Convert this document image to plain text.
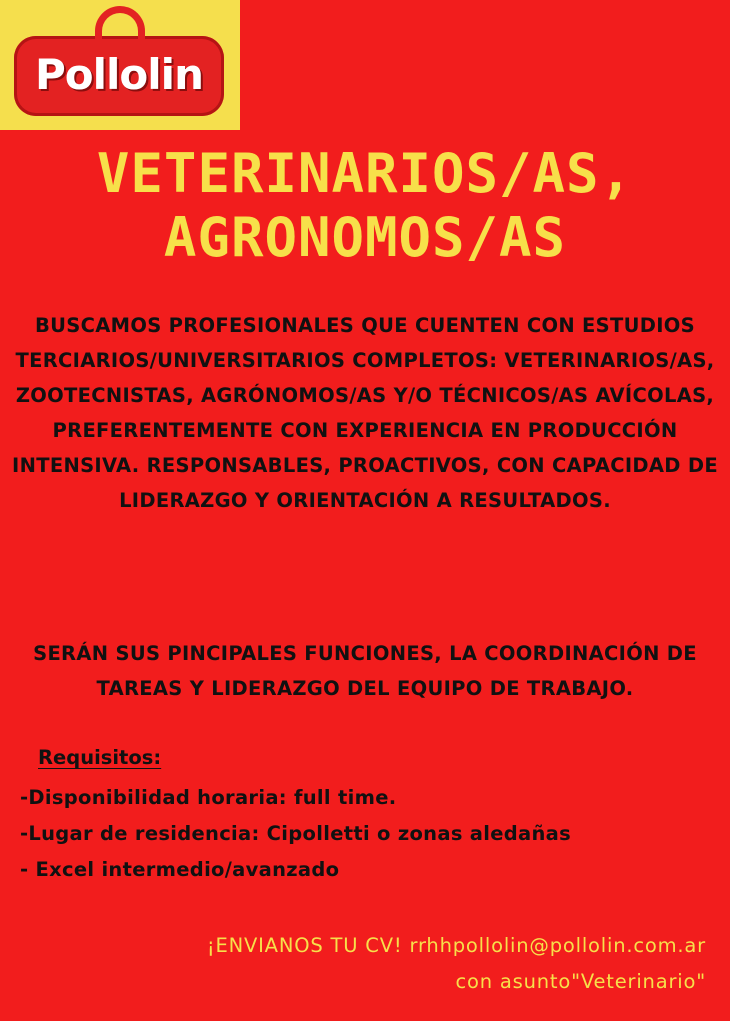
Pollolin
VETERINARIOS/AS,
AGRONOMOS/AS
BUSCAMOS PROFESIONALES QUE CUENTEN CON ESTUDIOS TERCIARIOS/UNIVERSITARIOS COMPLETOS: VETERINARIOS/AS, ZOOTECNISTAS, AGRÓNOMOS/AS Y/O TÉCNICOS/AS AVÍCOLAS, PREFERENTEMENTE CON EXPERIENCIA EN PRODUCCIÓN INTENSIVA. RESPONSABLES, PROACTIVOS, CON CAPACIDAD DE LIDERAZGO Y ORIENTACIÓN A RESULTADOS.
SERÁN SUS PINCIPALES FUNCIONES, LA COORDINACIÓN DE TAREAS Y LIDERAZGO DEL EQUIPO DE TRABAJO.
Requisitos:
-Disponibilidad horaria: full time.
-Lugar de residencia: Cipolletti o zonas aledañas
- Excel intermedio/avanzado
¡ENVIANOS TU CV! rrhhpollolin@pollolin.com.ar
con asunto"Veterinario"
